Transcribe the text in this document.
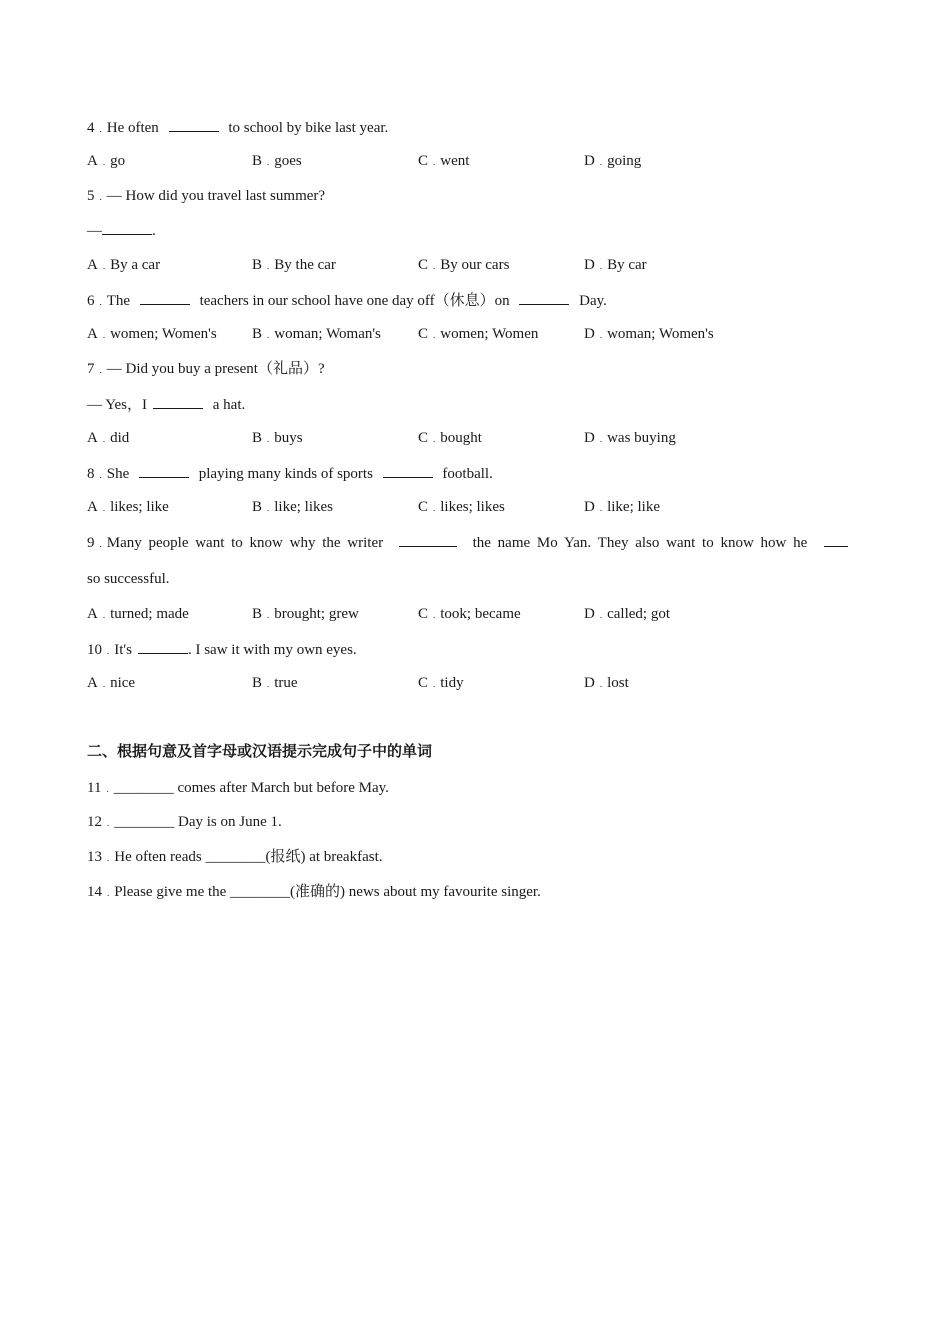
4 . He often	to school by bike last year.
A . go	B . goes	C . went	D . going
5 . — How did you travel last summer?
—	.
A . By a car	B . By the car	C . By our cars	D . By car
6 . The	teachers in our school have one day off（休息）on	Day.
A . women; Women's B . woman; Woman's C . women; Women	D . woman; Women's
7 . — Did you buy a present（礼品）?
— Yes，I	a hat.
A . did	B . buys	C . bought	D . was buying
8 . She	playing many kinds of sports	football.
A . likes; like	B . like; likes	C . likes; likes	D . like; like
9 . Many people want to know why the writer	the name Mo Yan. They also want to know how he
so successful.
A . turned; made	B . brought; grew	C . took; became	D . called; got
10 . It's	. I saw it with my own eyes.
A . nice	B . true	C . tidy	D . lost
二、根据句意及首字母或汉语提示完成句子中的单词
11 . ________ comes after March but before May.
12 . ________ Day is on June 1.
13 . He often reads ________(报纸) at breakfast.
14 . Please give me the ________(准确的) news about my favourite singer.
